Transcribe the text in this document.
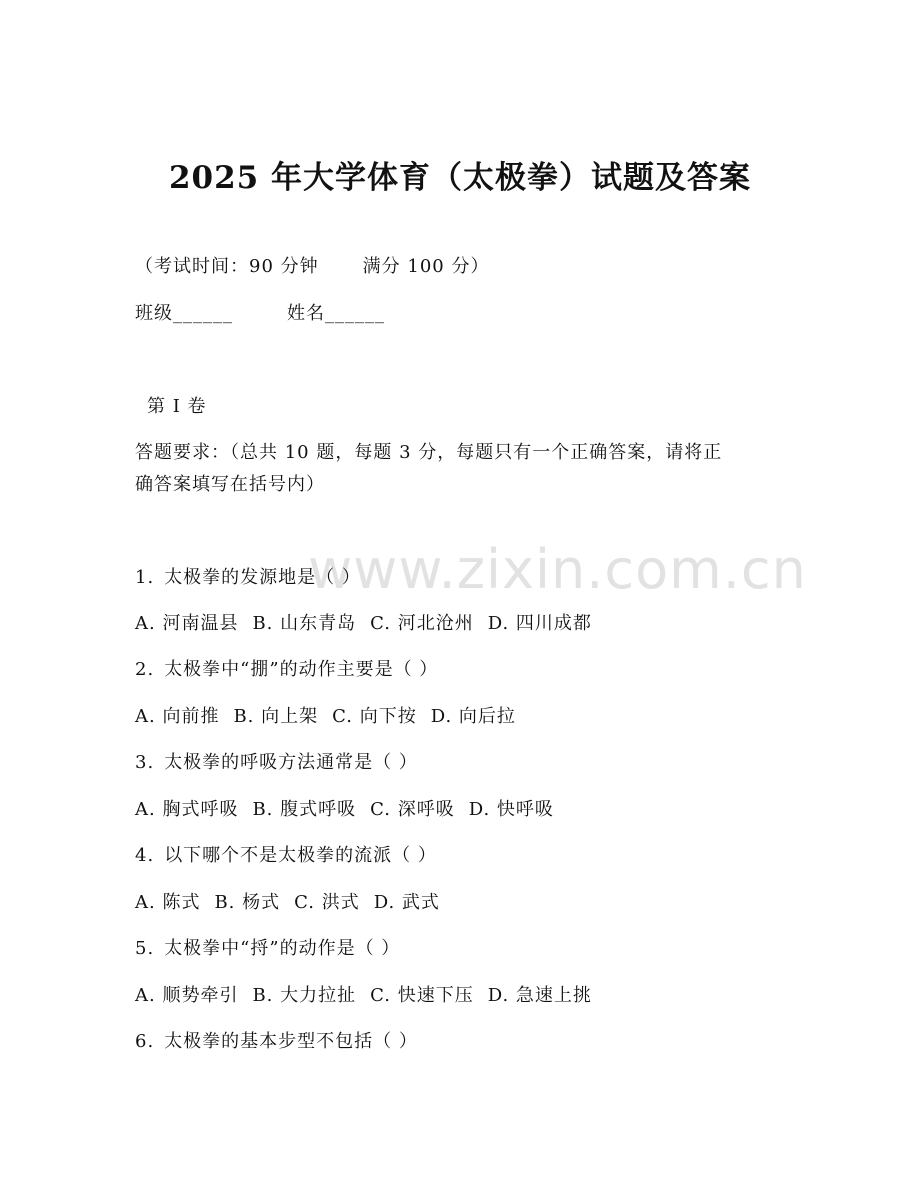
2025 年大学体育（太极拳）试题及答案
（考试时间：90 分钟 满分 100 分）
班级______	姓名______
第 I 卷
答题要求：（总共 10 题，每题 3 分，每题只有一个正确答案，请将正
确答案填写在括号内）
www.zixin.com.cn
1. 太极拳的发源地是（ ）
A. 河南温县 B. 山东青岛 C. 河北沧州 D. 四川成都
2. 太极拳中“掤”的动作主要是（ ）
A. 向前推 B. 向上架 C. 向下按 D. 向后拉
3. 太极拳的呼吸方法通常是（ ）
A. 胸式呼吸 B. 腹式呼吸 C. 深呼吸 D. 快呼吸
4. 以下哪个不是太极拳的流派（ ）
A. 陈式 B. 杨式 C. 洪式 D. 武式
5. 太极拳中“捋”的动作是（ ）
A. 顺势牵引 B. 大力拉扯 C. 快速下压 D. 急速上挑
6. 太极拳的基本步型不包括（ ）
